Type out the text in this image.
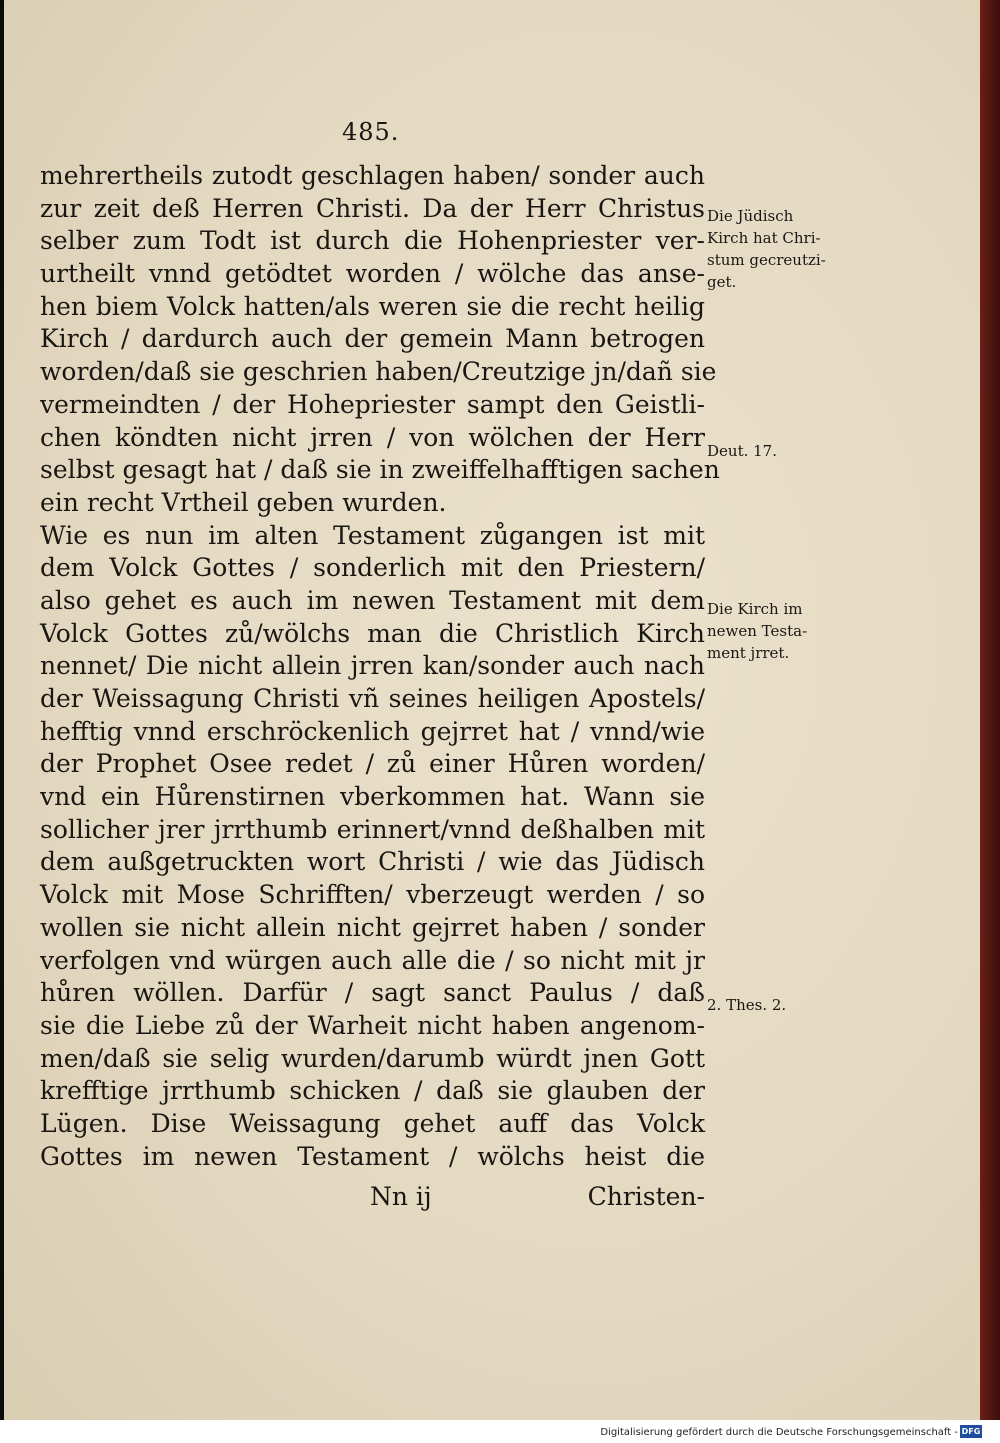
485.
mehrertheils zutodt geschlagen haben/ sonder auch
zur zeit deß Herren Christi. Da der Herr Christus
selber zum Todt ist durch die Hohenpriester ver-
urtheilt vnnd getödtet worden / wölche das anse-
hen biem Volck hatten/als weren sie die recht heilig
Kirch / dardurch auch der gemein Mann betrogen
worden/daß sie geschrien haben/Creutzige jn/dañ sie
vermeindten / der Hohepriester sampt den Geistli-
chen köndten nicht jrren / von wölchen der Herr
selbst gesagt hat / daß sie in zweiffelhafftigen sachen
ein recht Vrtheil geben wurden.
Wie es nun im alten Testament zůgangen ist mit
dem Volck Gottes / sonderlich mit den Priestern/
also gehet es auch im newen Testament mit dem
Volck Gottes zů/wölchs man die Christlich Kirch
nennet/ Die nicht allein jrren kan/sonder auch nach
der Weissagung Christi vñ seines heiligen Apostels/
hefftig vnnd erschröckenlich gejrret hat / vnnd/wie
der Prophet Osee redet / zů einer Hůren worden/
vnd ein Hůrenstirnen vberkommen hat. Wann sie
sollicher jrer jrrthumb erinnert/vnnd deßhalben mit
dem außgetruckten wort Christi / wie das Jüdisch
Volck mit Mose Schrifften/ vberzeugt werden / so
wollen sie nicht allein nicht gejrret haben / sonder
verfolgen vnd würgen auch alle die / so nicht mit jr
hůren wöllen. Darfür / sagt sanct Paulus / daß
sie die Liebe zů der Warheit nicht haben angenom-
men/daß sie selig wurden/darumb würdt jnen Gott
krefftige jrrthumb schicken / daß sie glauben der
Lügen. Dise Weissagung gehet auff das Volck
Gottes im newen Testament / wölchs heist die
Die Jüdisch
Kirch hat Chri-
stum gecreutzi-
get.
Deut. 17.
Die Kirch im
newen Testa-
ment jrret.
2. Thes. 2.
Nn ij	Christen-
Digitalisierung gefördert durch die Deutsche Forschungsgemeinschaft - DFG
